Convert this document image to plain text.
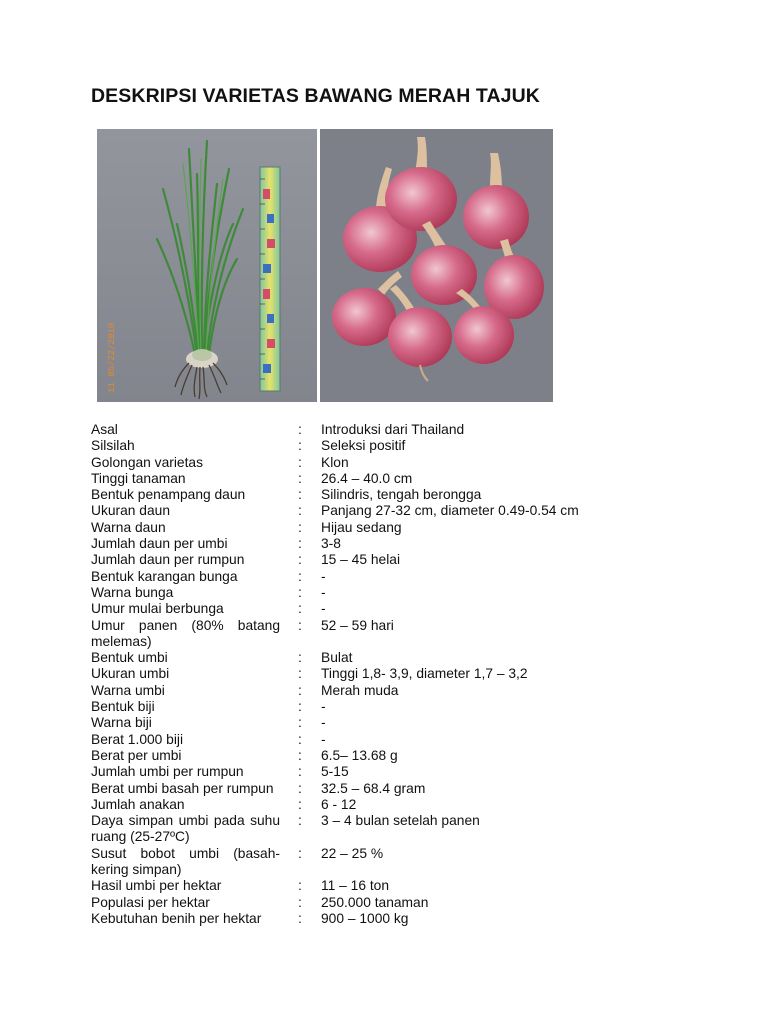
DESKRIPSI VARIETAS BAWANG MERAH TAJUK
11 05/22/2010
Asal	:	Introduksi dari Thailand
Silsilah	:	Seleksi positif
Golongan varietas	:	Klon
Tinggi tanaman	:	26.4 – 40.0 cm
Bentuk penampang daun	:	Silindris, tengah berongga
Ukuran daun	:	Panjang 27-32 cm, diameter 0.49-0.54 cm
Warna daun	:	Hijau sedang
Jumlah daun per umbi	:	3-8
Jumlah daun per rumpun	:	15 – 45 helai
Bentuk karangan bunga	:	-
Warna bunga	:	-
Umur mulai berbunga	:	-
Umur panen (80% batang melemas)	:	52 – 59 hari
Bentuk umbi	:	Bulat
Ukuran umbi	:	Tinggi 1,8- 3,9, diameter 1,7 – 3,2
Warna umbi	:	Merah muda
Bentuk biji	:	-
Warna biji	:	-
Berat 1.000 biji	:	-
Berat per umbi	:	6.5– 13.68 g
Jumlah umbi per rumpun	:	5-15
Berat umbi basah per rumpun	:	32.5 – 68.4 gram
Jumlah anakan	:	6 - 12
Daya simpan umbi pada suhu ruang (25-27ºC)	:	3 – 4 bulan setelah panen
Susut bobot umbi (basah-kering simpan)	:	22 – 25 %
Hasil umbi per hektar	:	11 – 16 ton
Populasi per hektar	:	250.000 tanaman
Kebutuhan benih per hektar	:	900 – 1000 kg
